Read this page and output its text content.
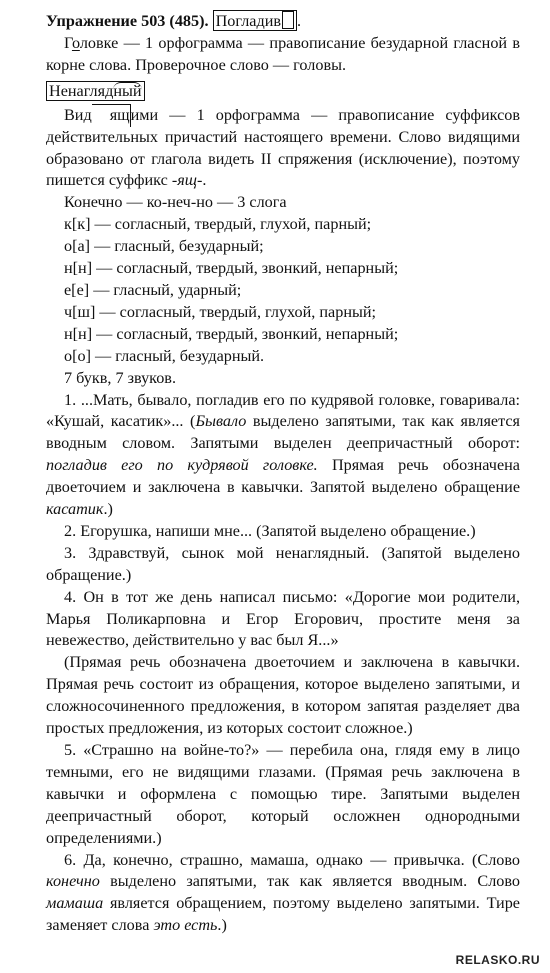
Упражнение 503 (485). Погладив .

Головке — 1 орфограмма — правописание безударной гласной в корне слова. Проверочное слово — головы.

Ненаглядный

Вид ящими — 1 орфограмма — правописание суффиксов действительных причастий настоящего времени. Слово видящими образовано от глагола видеть II спряжения (исключение), поэтому пишется суффикс -ящ-.

Конечно — ко-неч-но — 3 слога

к[к] — согласный, твердый, глухой, парный;

о[а] — гласный, безударный;

н[н] — согласный, твердый, звонкий, непарный;

е[е] — гласный, ударный;

ч[ш] — согласный, твердый, глухой, парный;

н[н] — согласный, твердый, звонкий, непарный;

о[о] — гласный, безударный.

7 букв, 7 звуков.

1. ...Мать, бывало, погладив его по кудрявой головке, говаривала: «Кушай, касатик»... (Бывало выделено запятыми, так как является вводным словом. Запятыми выделен деепричастный оборот: погладив его по кудрявой головке. Прямая речь обозначена двоеточием и заключена в кавычки. Запятой выделено обращение касатик.)

2. Егорушка, напиши мне... (Запятой выделено обращение.)

3. Здравствуй, сынок мой ненаглядный. (Запятой выделено обращение.)

4. Он в тот же день написал письмо: «Дорогие мои родители, Марья Поликарповна и Егор Егорович, простите меня за невежество, действительно у вас был Я...»

(Прямая речь обозначена двоеточием и заключена в кавычки. Прямая речь состоит из обращения, которое выделено запятыми, и сложносочиненного предложения, в котором запятая разделяет два простых предложения, из которых состоит сложное.)

5. «Страшно на войне-то?» — перебила она, глядя ему в лицо темными, его не видящими глазами. (Прямая речь заключена в кавычки и оформлена с помощью тире. Запятыми выделен деепричастный оборот, который осложнен однородными определениями.)

6. Да, конечно, страшно, мамаша, однако — привычка. (Слово конечно выделено запятыми, так как является вводным. Слово мамаша является обращением, поэтому выделено запятыми. Тире заменяет слова это есть.)

RELASKO.RU
